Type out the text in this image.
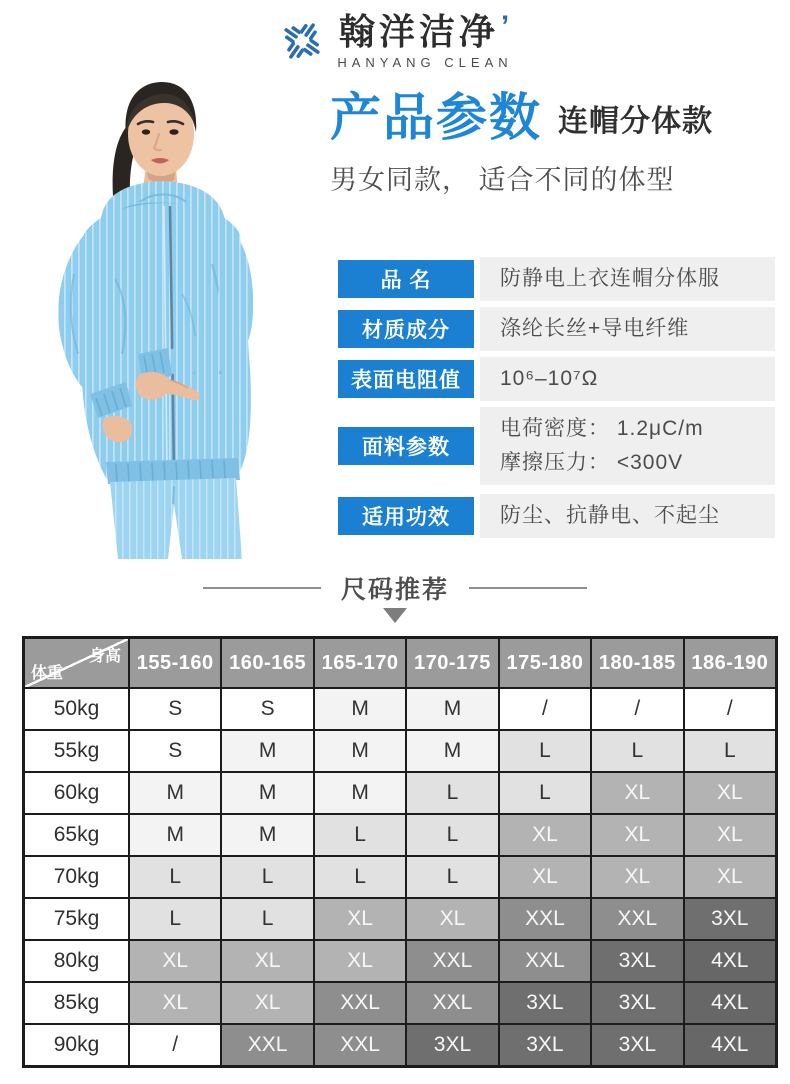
翰洋洁净’
HANYANG CLEAN
产品参数 连帽分体款
男女同款， 适合不同的体型
品 名	防静电上衣连帽分体服
材质成分	涤纶长丝+导电纤维
表面电阻值	10⁶–10⁷Ω
面料参数
电荷密度： 1.2μC/m
摩擦压力： <300V
适用功效	防尘、抗静电、不起尘
尺码推荐
身高
体重	155-160 160-165 165-170 170-175 175-180 180-185 186-190
50kg	S	S	M	M	/	/	/
55kg	S	M	M	M	L	L	L
60kg	M	M	M	L	L	XL	XL
65kg	M	M	L	L	XL	XL	XL
70kg	L	L	L	L	XL	XL	XL
75kg	L	L	XL	XL	XXL	XXL	3XL
80kg	XL	XL	XL	XXL	XXL	3XL	4XL
85kg	XL	XL	XXL	XXL	3XL	3XL	4XL
90kg	/	XXL	XXL	3XL	3XL	3XL	4XL
